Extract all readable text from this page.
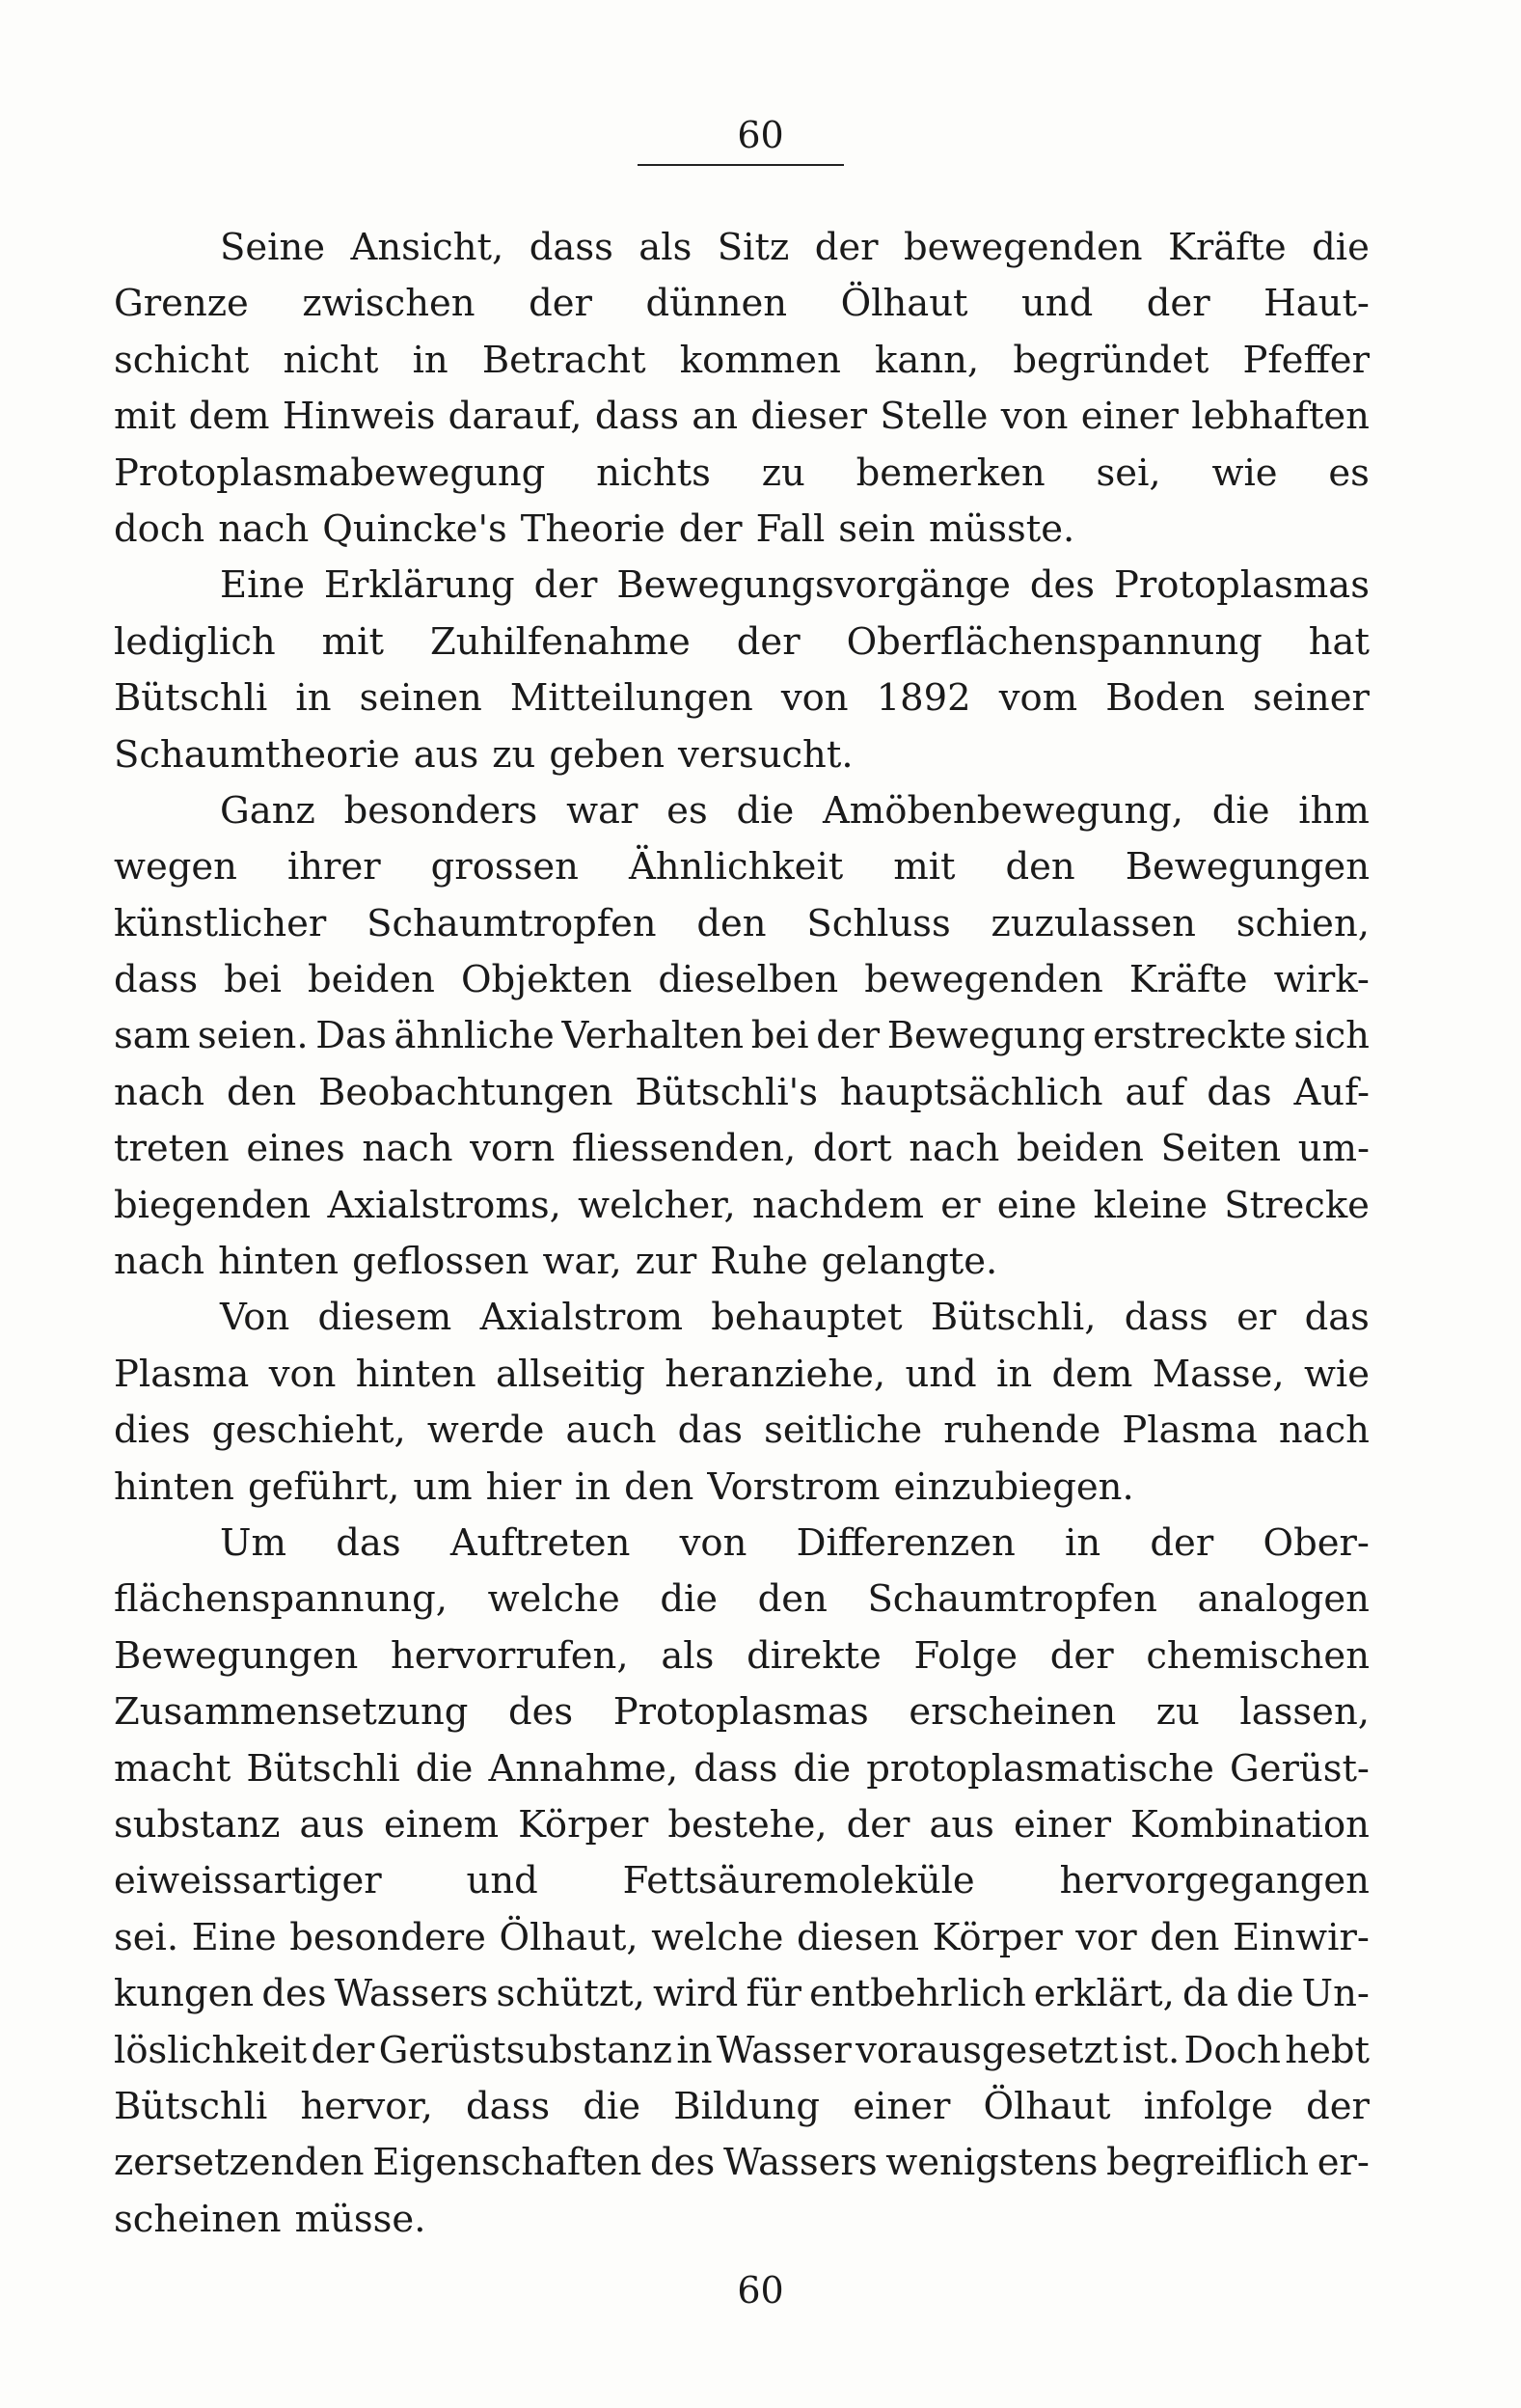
60
Seine Ansicht, dass als Sitz der bewegenden Kräfte die
Grenze zwischen der dünnen Ölhaut und der Haut-
schicht nicht in Betracht kommen kann, begründet Pfeffer
mit dem Hinweis darauf, dass an dieser Stelle von einer lebhaften
Protoplasmabewegung nichts zu bemerken sei, wie es
doch nach Quincke's Theorie der Fall sein müsste.
Eine Erklärung der Bewegungsvorgänge des Protoplasmas
lediglich mit Zuhilfenahme der Oberflächenspannung hat
Bütschli in seinen Mitteilungen von 1892 vom Boden seiner
Schaumtheorie aus zu geben versucht.
Ganz besonders war es die Amöbenbewegung, die ihm
wegen ihrer grossen Ähnlichkeit mit den Bewegungen
künstlicher Schaumtropfen den Schluss zuzulassen schien,
dass bei beiden Objekten dieselben bewegenden Kräfte wirk-
sam seien. Das ähnliche Verhalten bei der Bewegung erstreckte sich
nach den Beobachtungen Bütschli's hauptsächlich auf das Auf-
treten eines nach vorn fliessenden, dort nach beiden Seiten um-
biegenden Axialstroms, welcher, nachdem er eine kleine Strecke
nach hinten geflossen war, zur Ruhe gelangte.
Von diesem Axialstrom behauptet Bütschli, dass er das
Plasma von hinten allseitig heranziehe, und in dem Masse, wie
dies geschieht, werde auch das seitliche ruhende Plasma nach
hinten geführt, um hier in den Vorstrom einzubiegen.
Um das Auftreten von Differenzen in der Ober-
flächenspannung, welche die den Schaumtropfen analogen
Bewegungen hervorrufen, als direkte Folge der chemischen
Zusammensetzung des Protoplasmas erscheinen zu lassen,
macht Bütschli die Annahme, dass die protoplasmatische Gerüst-
substanz aus einem Körper bestehe, der aus einer Kombination
eiweissartiger und Fettsäuremoleküle hervorgegangen
sei. Eine besondere Ölhaut, welche diesen Körper vor den Einwir-
kungen des Wassers schützt, wird für entbehrlich erklärt, da die Un-
löslichkeit der Gerüstsubstanz in Wasser vorausgesetzt ist. Doch hebt
Bütschli hervor, dass die Bildung einer Ölhaut infolge der
zersetzenden Eigenschaften des Wassers wenigstens begreiflich er-
scheinen müsse.
60
